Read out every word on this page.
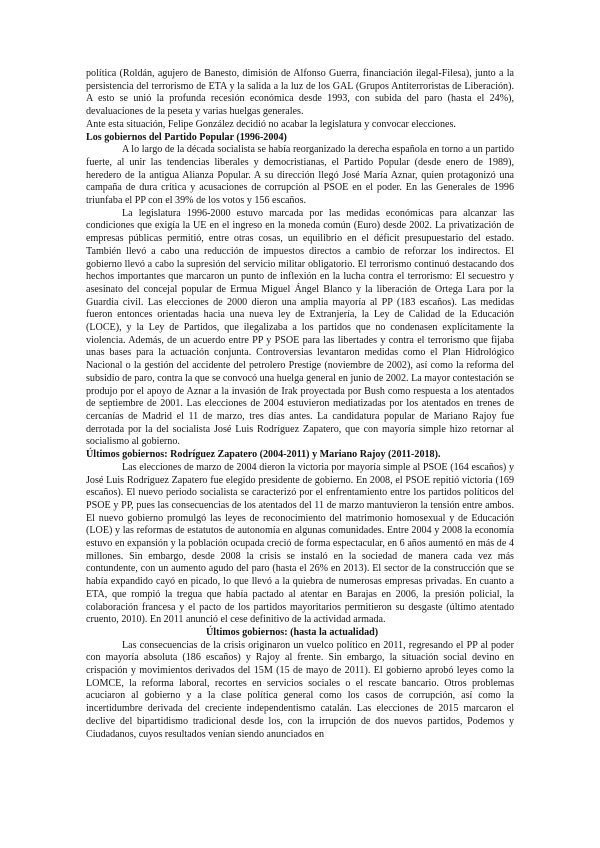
política (Roldán, agujero de Banesto, dimisión de Alfonso Guerra, financiación ilegal-Filesa), junto a la persistencia del terrorismo de ETA y la salida a la luz de los GAL (Grupos Antiterroristas de Liberación). A esto se unió la profunda recesión económica desde 1993, con subida del paro (hasta el 24%), devaluaciones de la peseta y varias huelgas generales.

Ante esta situación, Felipe González decidió no acabar la legislatura y convocar elecciones.

Los gobiernos del Partido Popular (1996-2004)

A lo largo de la década socialista se había reorganizado la derecha española en torno a un partido fuerte, al unir las tendencias liberales y democristianas, el Partido Popular (desde enero de 1989), heredero de la antigua Alianza Popular. A su dirección llegó José María Aznar, quien protagonizó una campaña de dura crítica y acusaciones de corrupción al PSOE en el poder. En las Generales de 1996 triunfaba el PP con el 39% de los votos y 156 escaños.

La legislatura 1996-2000 estuvo marcada por las medidas económicas para alcanzar las condiciones que exigía la UE en el ingreso en la moneda común (Euro) desde 2002. La privatización de empresas públicas permitió, entre otras cosas, un equilibrio en el déficit presupuestario del estado. También llevó a cabo una reducción de impuestos directos a cambio de reforzar los indirectos. El gobierno llevó a cabo la supresión del servicio militar obligatorio. El terrorismo continuó destacando dos hechos importantes que marcaron un punto de inflexión en la lucha contra el terrorismo: El secuestro y asesinato del concejal popular de Ermua Miguel Ángel Blanco y la liberación de Ortega Lara por la Guardia civil. Las elecciones de 2000 dieron una amplia mayoría al PP (183 escaños). Las medidas fueron entonces orientadas hacia una nueva ley de Extranjería, la Ley de Calidad de la Educación (LOCE), y la Ley de Partidos, que ilegalizaba a los partidos que no condenasen explícitamente la violencia. Además, de un acuerdo entre PP y PSOE para las libertades y contra el terrorismo que fijaba unas bases para la actuación conjunta. Controversias levantaron medidas como el Plan Hidrológico Nacional o la gestión del accidente del petrolero Prestige (noviembre de 2002), así como la reforma del subsidio de paro, contra la que se convocó una huelga general en junio de 2002. La mayor contestación se produjo por el apoyo de Aznar a la invasión de Irak proyectada por Bush como respuesta a los atentados de septiembre de 2001. Las elecciones de 2004 estuvieron mediatizadas por los atentados en trenes de cercanías de Madrid el 11 de marzo, tres días antes. La candidatura popular de Mariano Rajoy fue derrotada por la del socialista José Luis Rodríguez Zapatero, que con mayoría simple hizo retornar al socialismo al gobierno.

Últimos gobiernos: Rodríguez Zapatero (2004-2011) y Mariano Rajoy (2011-2018).

Las elecciones de marzo de 2004 dieron la victoria por mayoría simple al PSOE (164 escaños) y José Luis Rodríguez Zapatero fue elegido presidente de gobierno. En 2008, el PSOE repitió victoria (169 escaños). El nuevo periodo socialista se caracterizó por el enfrentamiento entre los partidos políticos del PSOE y PP, pues las consecuencias de los atentados del 11 de marzo mantuvieron la tensión entre ambos. El nuevo gobierno promulgó las leyes de reconocimiento del matrimonio homosexual y de Educación (LOE) y las reformas de estatutos de autonomía en algunas comunidades. Entre 2004 y 2008 la economía estuvo en expansión y la población ocupada creció de forma espectacular, en 6 años aumentó en más de 4 millones. Sin embargo, desde 2008 la crisis se instaló en la sociedad de manera cada vez más contundente, con un aumento agudo del paro (hasta el 26% en 2013). El sector de la construcción que se había expandido cayó en picado, lo que llevó a la quiebra de numerosas empresas privadas. En cuanto a ETA, que rompió la tregua que había pactado al atentar en Barajas en 2006, la presión policial, la colaboración francesa y el pacto de los partidos mayoritarios permitieron su desgaste (último atentado cruento, 2010). En 2011 anunció el cese definitivo de la actividad armada.

Últimos gobiernos: (hasta la actualidad)

Las consecuencias de la crisis originaron un vuelco político en 2011, regresando el PP al poder con mayoría absoluta (186 escaños) y Rajoy al frente. Sin embargo, la situación social devino en crispación y movimientos derivados del 15M (15 de mayo de 2011). El gobierno aprobó leyes como la LOMCE, la reforma laboral, recortes en servicios sociales o el rescate bancario. Otros problemas acuciaron al gobierno y a la clase política general como los casos de corrupción, así como la incertidumbre derivada del creciente independentismo catalán. Las elecciones de 2015 marcaron el declive del bipartidismo tradicional desde los, con la irrupción de dos nuevos partidos, Podemos y Ciudadanos, cuyos resultados venían siendo anunciados en
